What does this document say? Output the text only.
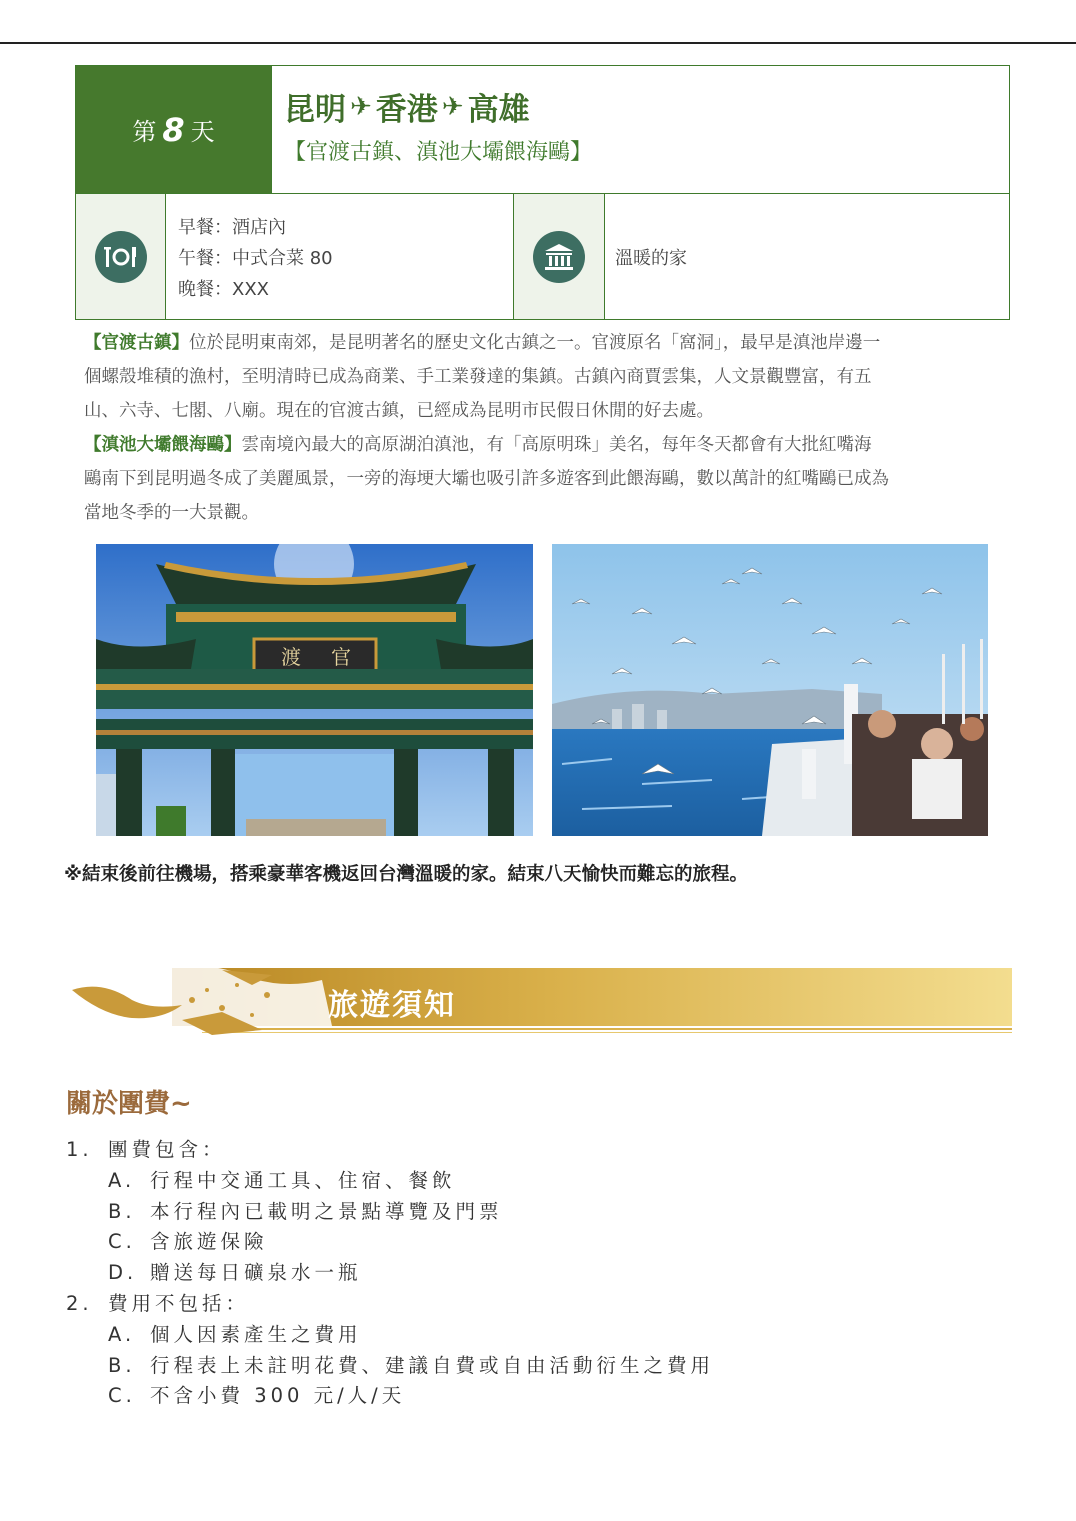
第 8 天
昆明 ✈ 香港 ✈ 高雄
【官渡古鎮、滇池大壩餵海鷗】
早餐：酒店內
午餐：中式合菜 80
晚餐：XXX
溫暖的家
【官渡古鎮】位於昆明東南郊，是昆明著名的歷史文化古鎮之一。官渡原名「窩洞」，最早是滇池岸邊一
個螺殼堆積的漁村，至明清時已成為商業、手工業發達的集鎮。古鎮內商賈雲集，人文景觀豐富，有五
山、六寺、七閣、八廟。現在的官渡古鎮，已經成為昆明市民假日休閒的好去處。
【滇池大壩餵海鷗】雲南境內最大的高原湖泊滇池，有「高原明珠」美名，每年冬天都會有大批紅嘴海
鷗南下到昆明過冬成了美麗風景，一旁的海埂大壩也吸引許多遊客到此餵海鷗，數以萬計的紅嘴鷗已成為
當地冬季的一大景觀。
渡 官
※結束後前往機場，搭乘豪華客機返回台灣溫暖的家。結束八天愉快而難忘的旅程。
旅遊須知
關於團費~
1. 團費包含：
A. 行程中交通工具、住宿、餐飲
B. 本行程內已載明之景點導覽及門票
C. 含旅遊保險
D. 贈送每日礦泉水一瓶
2. 費用不包括：
A. 個人因素產生之費用
B. 行程表上未註明花費、建議自費或自由活動衍生之費用
C. 不含小費 300 元/人/天
